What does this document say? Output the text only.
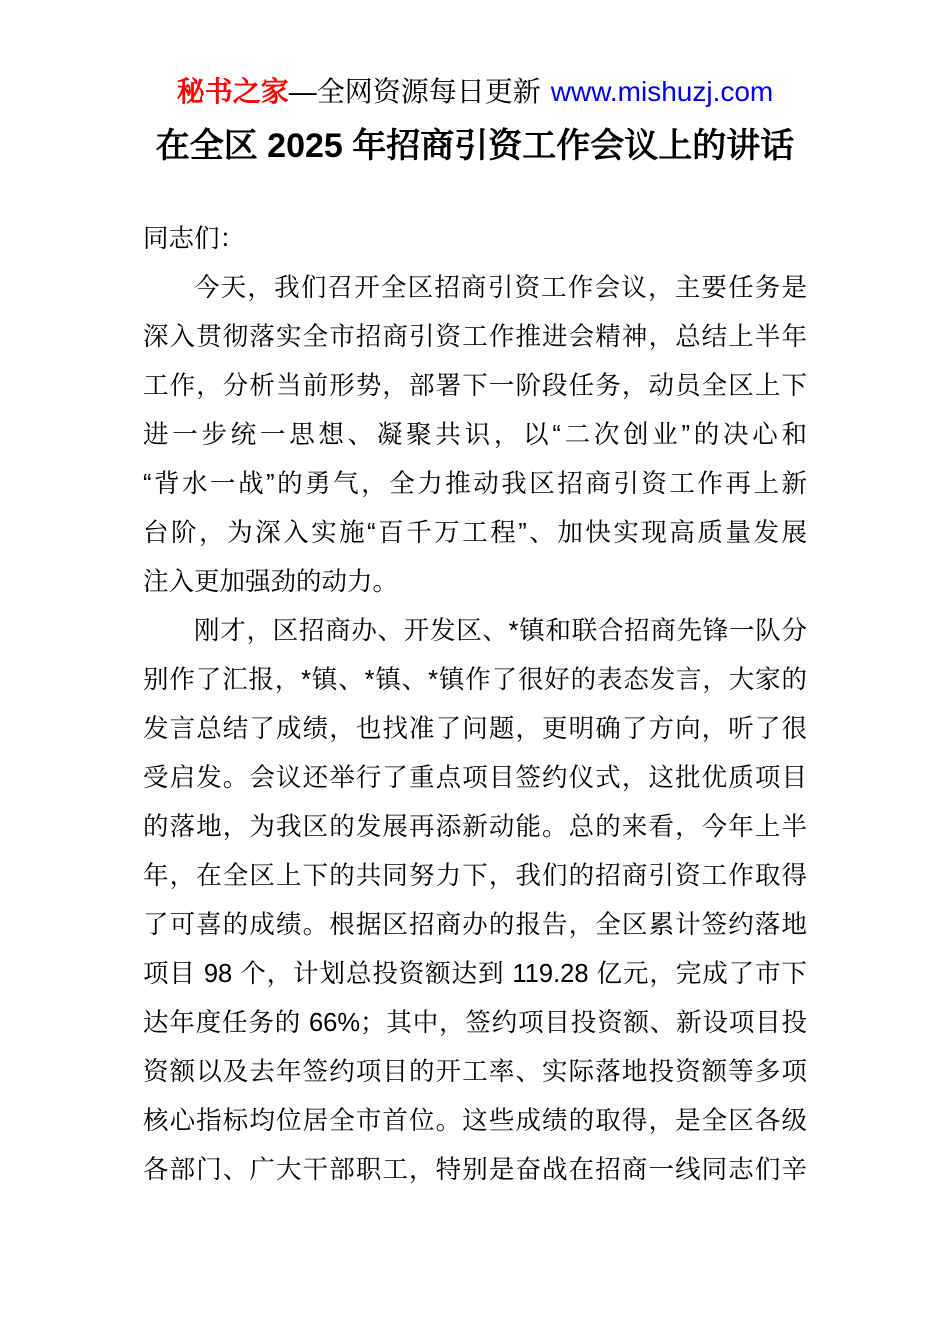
秘书之家—全网资源每日更新 www.mishuzj.com
在全区 2025 年招商引资工作会议上的讲话
同志们：
今天，我们召开全区招商引资工作会议，主要任务是
深入贯彻落实全市招商引资工作推进会精神，总结上半年
工作，分析当前形势，部署下一阶段任务，动员全区上下
进一步统一思想、凝聚共识，以“二次创业”的决心和
“背水一战”的勇气，全力推动我区招商引资工作再上新
台阶，为深入实施“百千万工程”、加快实现高质量发展
注入更加强劲的动力。
刚才，区招商办、开发区、*镇和联合招商先锋一队分
别作了汇报，*镇、*镇、*镇作了很好的表态发言，大家的
发言总结了成绩，也找准了问题，更明确了方向，听了很
受启发。会议还举行了重点项目签约仪式，这批优质项目
的落地，为我区的发展再添新动能。总的来看，今年上半
年，在全区上下的共同努力下，我们的招商引资工作取得
了可喜的成绩。根据区招商办的报告，全区累计签约落地
项目 98 个，计划总投资额达到 119.28 亿元，完成了市下
达年度任务的 66%；其中，签约项目投资额、新设项目投
资额以及去年签约项目的开工率、实际落地投资额等多项
核心指标均位居全市首位。这些成绩的取得，是全区各级
各部门、广大干部职工，特别是奋战在招商一线同志们辛
